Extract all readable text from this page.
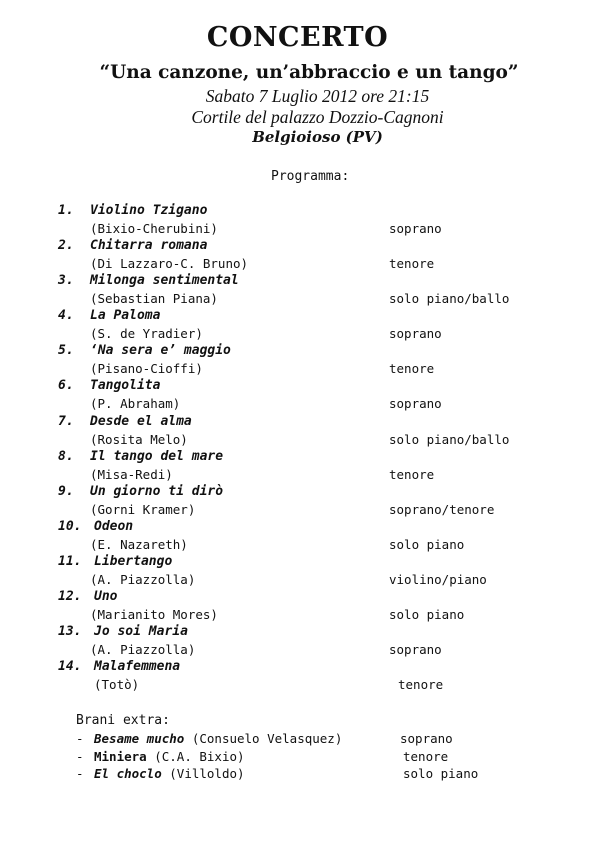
CONCERTO
“Una canzone, un’abbraccio e un tango”
Sabato 7 Luglio 2012 ore 21:15
Cortile del palazzo Dozzio-Cagnoni
Belgioioso (PV)
Programma:
1. Violino Tzigano
(Bixio-Cherubini)	soprano
2. Chitarra romana
(Di Lazzaro-C. Bruno)	tenore
3. Milonga sentimental
(Sebastian Piana)	solo piano/ballo
4. La Paloma
(S. de Yradier)	soprano
5. ‘Na sera e’ maggio
(Pisano-Cioffi)	tenore
6. Tangolita
(P. Abraham)	soprano
7. Desde el alma
(Rosita Melo)	solo piano/ballo
8. Il tango del mare
(Misa-Redi)	tenore
9. Un giorno ti dirò
(Gorni Kramer)	soprano/tenore
10. Odeon
(E. Nazareth)	solo piano
11. Libertango
(A. Piazzolla)	violino/piano
12. Uno
(Marianito Mores)	solo piano
13. Jo soi Maria
(A. Piazzolla)	soprano
14. Malafemmena
(Totò)	tenore
Brani extra:
- Besame mucho (Consuelo Velasquez)	soprano
- Miniera (C.A. Bixio)	tenore
- El choclo (Villoldo)	solo piano
